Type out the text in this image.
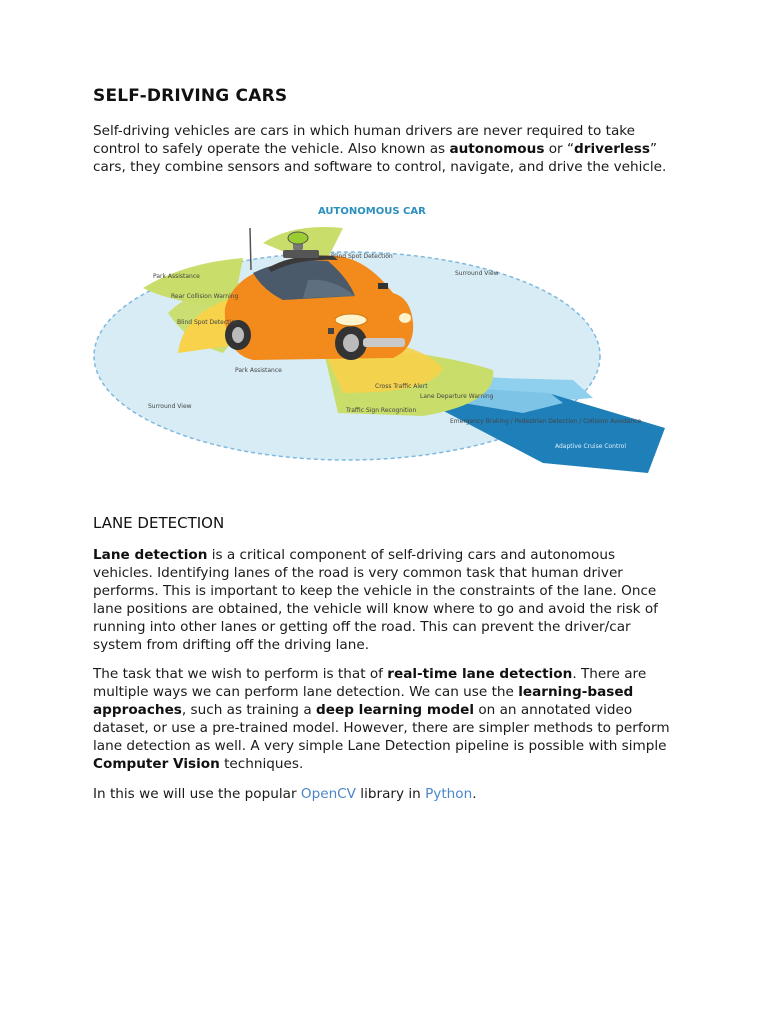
SELF-DRIVING CARS

Self-driving vehicles are cars in which human drivers are never required to take control to safely operate the vehicle. Also known as autonomous or “driverless” cars, they combine sensors and software to control, navigate, and drive the vehicle.

AUTONOMOUS CAR
Blind Spot Detection
Surround View
Park Assistance
Rear Collision Warning
Blind Spot Detection
Park Assistance
Cross Traffic Alert
Lane Departure Warning
Surround View
Traffic Sign Recognition
Emergency Braking / Pedestrian Detection / Collision Avoidance
Adaptive Cruise Control
LANE DETECTION

Lane detection is a critical component of self-driving cars and autonomous vehicles. Identifying lanes of the road is very common task that human driver performs. This is important to keep the vehicle in the constraints of the lane. Once lane positions are obtained, the vehicle will know where to go and avoid the risk of running into other lanes or getting off the road. This can prevent the driver/car system from drifting off the driving lane.

The task that we wish to perform is that of real-time lane detection. There are multiple ways we can perform lane detection. We can use the learning-based approaches, such as training a deep learning model on an annotated video dataset, or use a pre-trained model. However, there are simpler methods to perform lane detection as well. A very simple Lane Detection pipeline is possible with simple Computer Vision techniques.

In this we will use the popular OpenCV library in Python.
